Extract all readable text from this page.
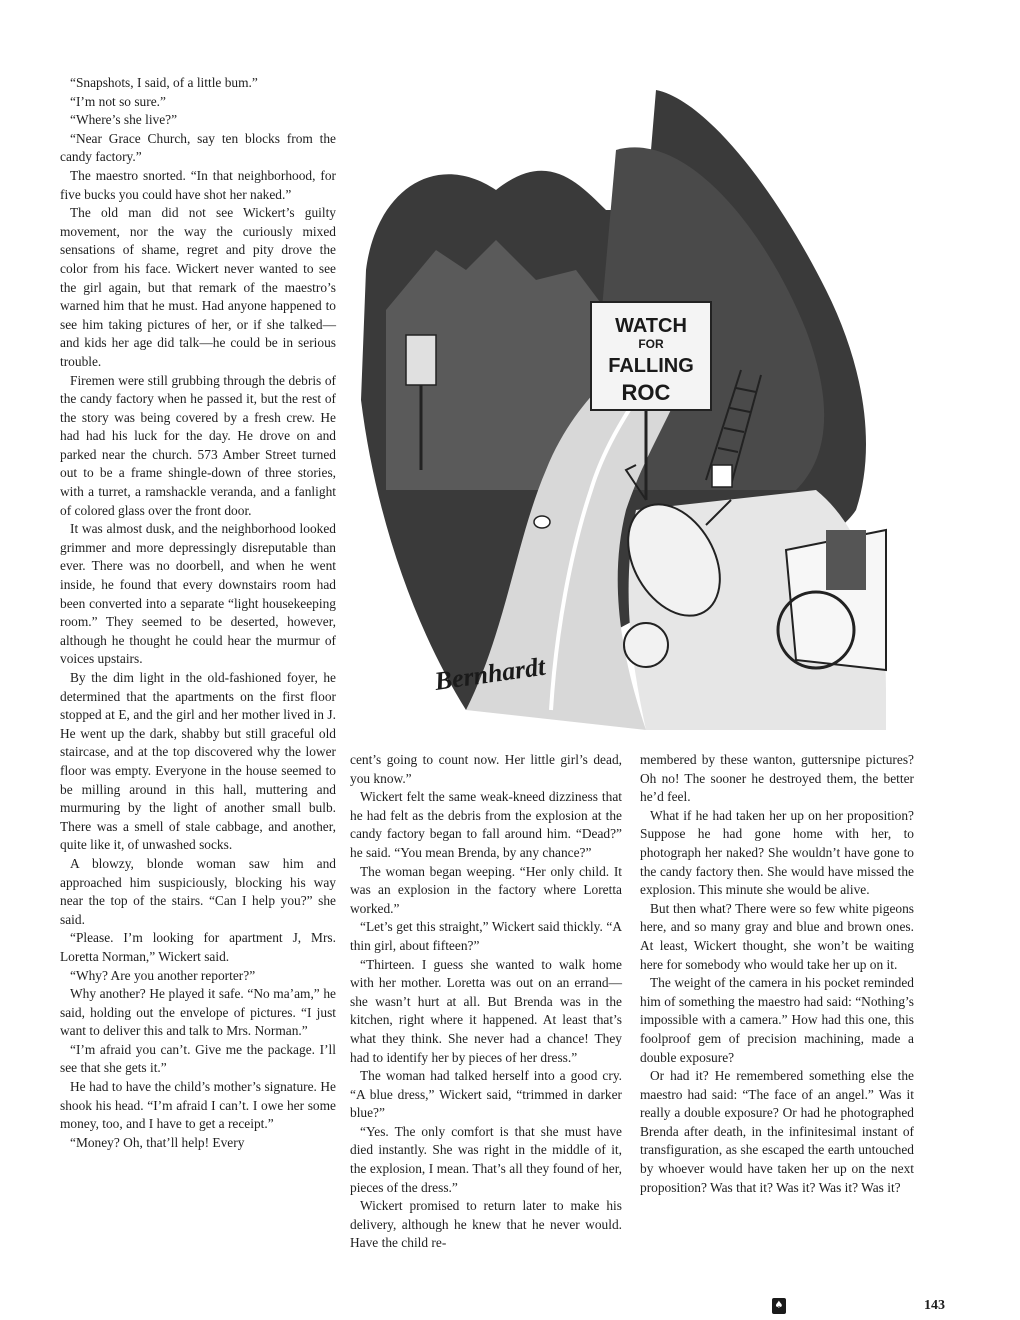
“Snapshots, I said, of a little bum.”

“I’m not so sure.”

“Where’s she live?”

“Near Grace Church, say ten blocks from the candy factory.”

The maestro snorted. “In that neighborhood, for five bucks you could have shot her naked.”

The old man did not see Wickert’s guilty movement, nor the way the curiously mixed sensations of shame, regret and pity drove the color from his face. Wickert never wanted to see the girl again, but that remark of the maestro’s warned him that he must. Had anyone happened to see him taking pictures of her, or if she talked—and kids her age did talk—he could be in serious trouble.

Firemen were still grubbing through the debris of the candy factory when he passed it, but the rest of the story was being covered by a fresh crew. He had had his luck for the day. He drove on and parked near the church. 573 Amber Street turned out to be a frame shingle-down of three stories, with a turret, a ramshackle veranda, and a fanlight of colored glass over the front door.

It was almost dusk, and the neighborhood looked grimmer and more depressingly disreputable than ever. There was no doorbell, and when he went inside, he found that every downstairs room had been converted into a separate “light housekeeping room.” They seemed to be deserted, however, although he thought he could hear the murmur of voices upstairs.

By the dim light in the old-fashioned foyer, he determined that the apartments on the first floor stopped at E, and the girl and her mother lived in J. He went up the dark, shabby but still graceful old staircase, and at the top discovered why the lower floor was empty. Everyone in the house seemed to be milling around in this hall, muttering and murmuring by the light of another small bulb. There was a smell of stale cabbage, and another, quite like it, of unwashed socks.

A blowzy, blonde woman saw him and approached him suspiciously, blocking his way near the top of the stairs. “Can I help you?” she said.

“Please. I’m looking for apartment J, Mrs. Loretta Norman,” Wickert said.

“Why? Are you another reporter?”

Why another? He played it safe. “No ma’am,” he said, holding out the envelope of pictures. “I just want to deliver this and talk to Mrs. Norman.”

“I’m afraid you can’t. Give me the package. I’ll see that she gets it.”

He had to have the child’s mother’s signature. He shook his head. “I’m afraid I can’t. I owe her some money, too, and I have to get a receipt.”

“Money? Oh, that’ll help! Every

WATCH
FOR
FALLING
ROC
Bernhardt

cent’s going to count now. Her little girl’s dead, you know.”

Wickert felt the same weak-kneed dizziness that he had felt as the debris from the explosion at the candy factory began to fall around him. “Dead?” he said. “You mean Brenda, by any chance?”

The woman began weeping. “Her only child. It was an explosion in the factory where Loretta worked.”

“Let’s get this straight,” Wickert said thickly. “A thin girl, about fifteen?”

“Thirteen. I guess she wanted to walk home with her mother. Loretta was out on an errand—she wasn’t hurt at all. But Brenda was in the kitchen, right where it happened. At least that’s what they think. She never had a chance! They had to identify her by pieces of her dress.”

The woman had talked herself into a good cry. “A blue dress,” Wickert said, “trimmed in darker blue?”

“Yes. The only comfort is that she must have died instantly. She was right in the middle of it, the explosion, I mean. That’s all they found of her, pieces of the dress.”

Wickert promised to return later to make his delivery, although he knew that he never would. Have the child re-

membered by these wanton, guttersnipe pictures? Oh no! The sooner he destroyed them, the better he’d feel.

What if he had taken her up on her proposition? Suppose he had gone home with her, to photograph her naked? She wouldn’t have gone to the candy factory then. She would have missed the explosion. This minute she would be alive.

But then what? There were so few white pigeons here, and so many gray and blue and brown ones. At least, Wickert thought, she won’t be waiting here for somebody who would take her up on it.

The weight of the camera in his pocket reminded him of something the maestro had said: “Nothing’s impossible with a camera.” How had this one, this foolproof gem of precision machining, made a double exposure?

Or had it? He remembered something else the maestro had said: “The face of an angel.” Was it really a double exposure? Or had he photographed Brenda after death, in the infinitesimal instant of transfiguration, as she escaped the earth untouched by whoever would have taken her up on the next proposition? Was that it? Was it? Was it? Was it?

♠	143
